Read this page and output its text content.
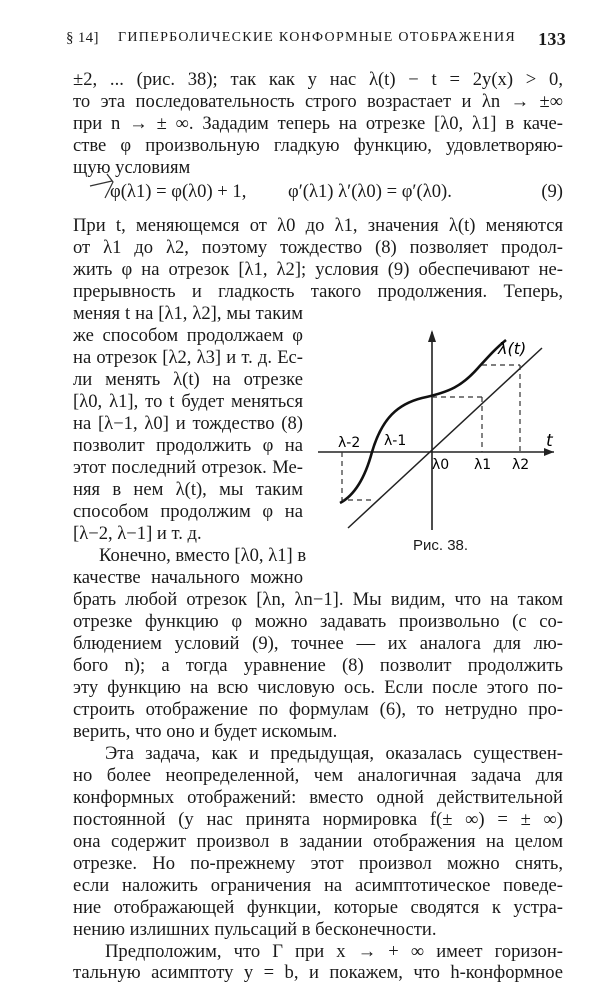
§ 14] ГИПЕРБОЛИЧЕСКИЕ КОНФОРМНЫЕ ОТОБРАЖЕНИЯ 133
±2, ... (рис. 38); так как у нас λ(t) − t = 2y(x) > 0,
то эта последовательность строго возрастает и λn → ±∞
при n → ± ∞. Зададим теперь на отрезке [λ0, λ1] в каче-
стве φ произвольную гладкую функцию, удовлетворяю-
щую условиям
φ(λ1) = φ(λ0) + 1, φ′(λ1) λ′(λ0) = φ′(λ0).	(9)
При t, меняющемся от λ0 до λ1, значения λ(t) меняются
от λ1 до λ2, поэтому тождество (8) позволяет продол-
жить φ на отрезок [λ1, λ2]; условия (9) обеспечивают не-
прерывность и гладкость такого продолжения. Теперь,
меняя t на [λ1, λ2], мы таким
же способом продолжаем φ
на отрезок [λ2, λ3] и т. д. Ес-
ли менять λ(t) на отрезке
[λ0, λ1], то t будет меняться
на [λ−1, λ0] и тождество (8)
позволит продолжить φ на
этот последний отрезок. Ме-
няя в нем λ(t), мы таким
способом продолжим φ на
[λ−2, λ−1] и т. д.
Конечно, вместо [λ0, λ1] в
качестве начального можно
λ(t)
t
λ-2 λ-1
λ0 λ1 λ2
Рис. 38.
брать любой отрезок [λn, λn−1]. Мы видим, что на таком
отрезке функцию φ можно задавать произвольно (с со-
блюдением условий (9), точнее — их аналога для лю-
бого n); а тогда уравнение (8) позволит продолжить
эту функцию на всю числовую ось. Если после этого по-
строить отображение по формулам (6), то нетрудно про-
верить, что оно и будет искомым.
Эта задача, как и предыдущая, оказалась существен-
но более неопределенной, чем аналогичная задача для
конформных отображений: вместо одной действительной
постоянной (у нас принята нормировка f(± ∞) = ± ∞)
она содержит произвол в задании отображения на целом
отрезке. Но по-прежнему этот произвол можно снять,
если наложить ограничения на асимптотическое поведе-
ние отображающей функции, которые сводятся к устра-
нению излишних пульсаций в бесконечности.
Предположим, что Γ при x → + ∞ имеет горизон-
тальную асимптоту y = b, и покажем, что h-конформное
